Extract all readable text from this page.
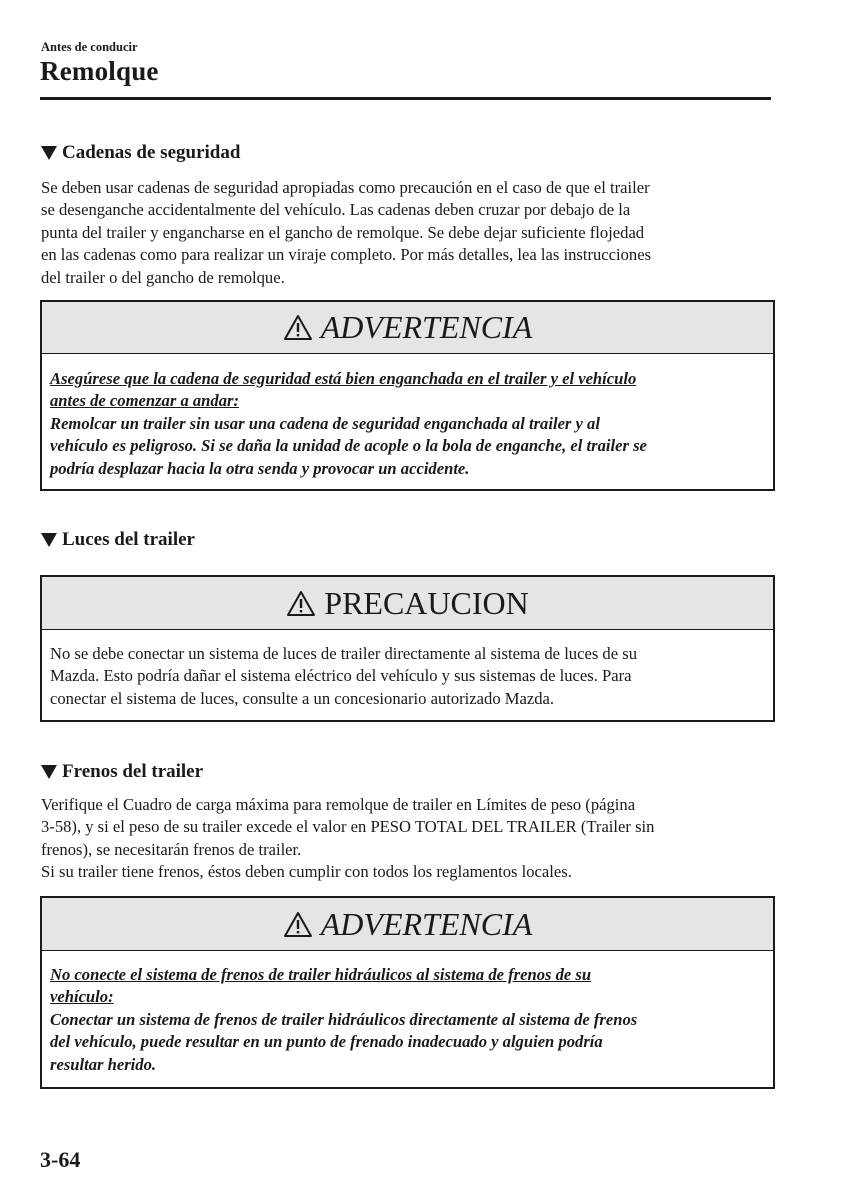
Antes de conducir
Remolque
Cadenas de seguridad
Se deben usar cadenas de seguridad apropiadas como precaución en el caso de que el trailer
se desenganche accidentalmente del vehículo. Las cadenas deben cruzar por debajo de la
punta del trailer y engancharse en el gancho de remolque. Se debe dejar suficiente flojedad
en las cadenas como para realizar un viraje completo. Por más detalles, lea las instrucciones
del trailer o del gancho de remolque.
ADVERTENCIA
Asegúrese que la cadena de seguridad está bien enganchada en el trailer y el vehículo
antes de comenzar a andar:
Remolcar un trailer sin usar una cadena de seguridad enganchada al trailer y al
vehículo es peligroso. Si se daña la unidad de acople o la bola de enganche, el trailer se
podría desplazar hacia la otra senda y provocar un accidente.
Luces del trailer
PRECAUCION
No se debe conectar un sistema de luces de trailer directamente al sistema de luces de su
Mazda. Esto podría dañar el sistema eléctrico del vehículo y sus sistemas de luces. Para
conectar el sistema de luces, consulte a un concesionario autorizado Mazda.
Frenos del trailer
Verifique el Cuadro de carga máxima para remolque de trailer en Límites de peso (página
3-58), y si el peso de su trailer excede el valor en PESO TOTAL DEL TRAILER (Trailer sin
frenos), se necesitarán frenos de trailer.
Si su trailer tiene frenos, éstos deben cumplir con todos los reglamentos locales.
ADVERTENCIA
No conecte el sistema de frenos de trailer hidráulicos al sistema de frenos de su
vehículo:
Conectar un sistema de frenos de trailer hidráulicos directamente al sistema de frenos
del vehículo, puede resultar en un punto de frenado inadecuado y alguien podría
resultar herido.
3-64
